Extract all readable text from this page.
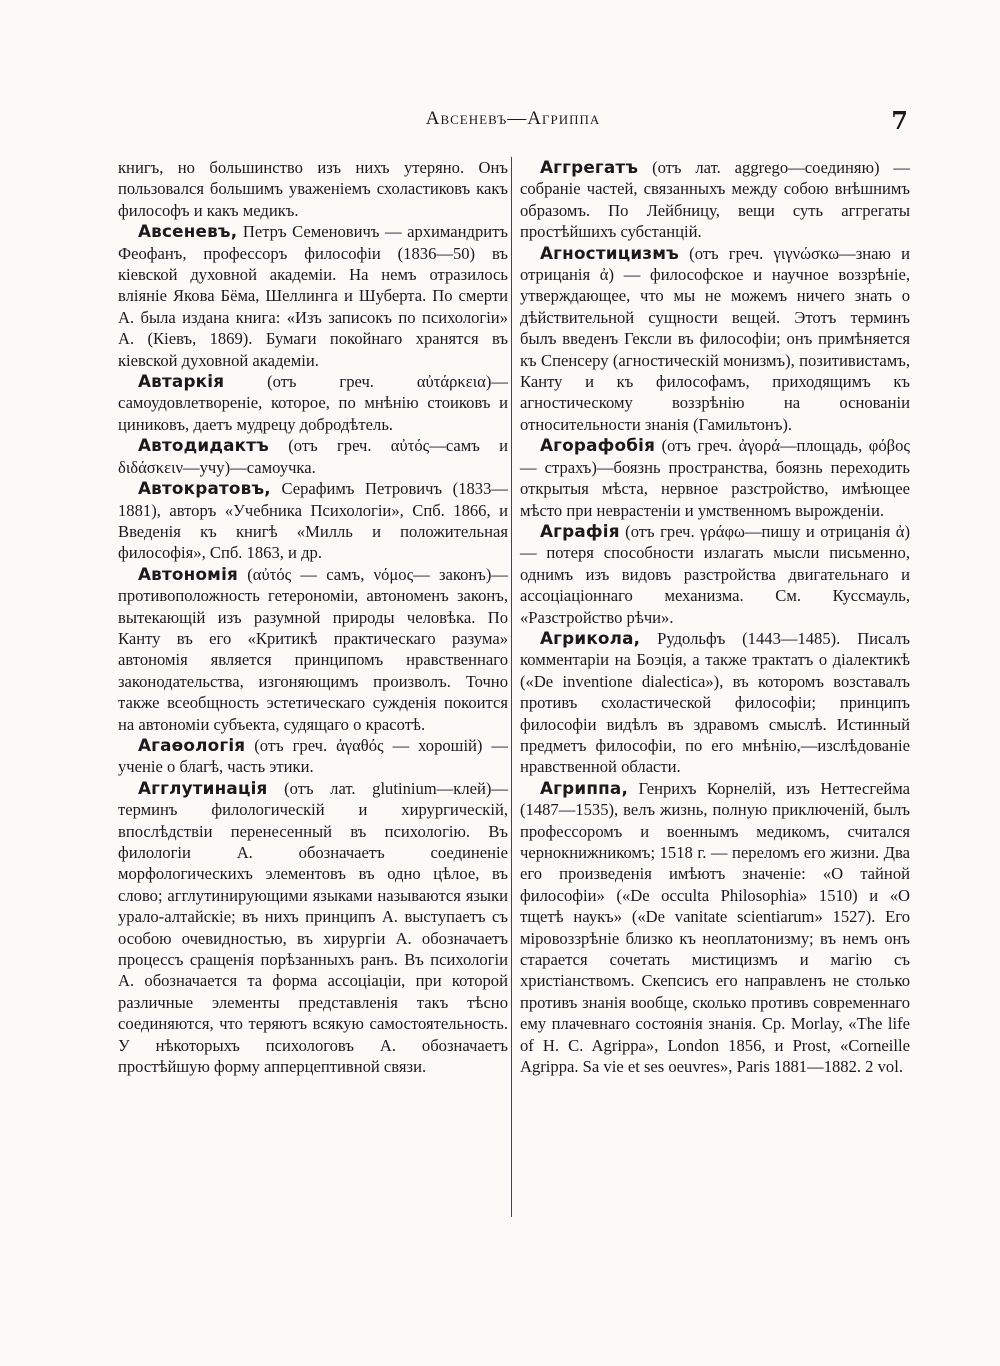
Авсеневъ—Агриппа	7

книгъ, но большинство изъ нихъ утеряно. Онъ пользовался большимъ уваженіемъ схоластиковъ какъ философъ и какъ медикъ.

Авсеневъ, Петръ Семеновичъ — архимандритъ Феофанъ, профессоръ философіи (1836—50) въ кіевской духовной академіи. На немъ отразилось вліяніе Якова Бёма, Шеллинга и Шуберта. По смерти А. была издана книга: «Изъ записокъ по психологіи» А. (Кіевъ, 1869). Бумаги покойнаго хранятся въ кіевской духовной академіи.

Автаркія	(отъ греч. αὐτάρκεια)—самоудовлетвореніе, которое, по мнѣнію стоиковъ и циниковъ, даетъ мудрецу добродѣтель.

Автодидактъ (отъ греч. αὐτός—самъ и διδάσκειν—учу)—самоучка.

Автократовъ, Серафимъ Петровичъ (1833—1881), авторъ «Учебника Психологіи», Спб. 1866, и Введенія къ книгѣ «Милль и положительная философія», Спб. 1863, и др.

Автономія (αὐτός — самъ, νόμος— законъ)—противоположность гетерономіи, автономенъ законъ, вытекающій изъ разумной природы человѣка. По Канту въ его «Критикѣ практическаго разума» автономія является принципомъ нравственнаго законодательства, изгоняющимъ произволъ. Точно также всеобщность эстетическаго сужденія покоится на автономіи субъекта, судящаго о красотѣ.

Агаѳологія (отъ греч. ἀγαθός — хорошій) — ученіе о благѣ, часть этики.

Агглутинація (отъ лат. glutinium—клей)—терминъ филологическій и хирургическій, впослѣдствіи перенесенный въ психологію. Въ филологіи А. обозначаетъ соединеніе морфологическихъ элементовъ въ одно цѣлое, въ слово; агглутинирующими языками называются языки урало-алтайскіе; въ нихъ принципъ А. выступаетъ съ особою очевидностью, въ хирургіи А. обозначаетъ процессъ сращенія порѣзанныхъ ранъ. Въ психологіи А. обозначается та форма ассоціаціи, при которой различные элементы представленія такъ тѣсно соединяются, что теряютъ всякую самостоятельность. У нѣкоторыхъ психологовъ А. обозначаетъ простѣйшую форму апперцептивной связи.

Аггрегатъ (отъ лат. aggrego—соединяю) — собраніе частей, связанныхъ между собою внѣшнимъ образомъ. По Лейбницу, вещи суть аггрегаты простѣйшихъ субстанцій.

Агностицизмъ (отъ греч. γιγνώσκω—знаю и отрицанія ἀ) — философское и научное воззрѣніе, утверждающее, что мы не можемъ ничего знать о дѣйствительной сущности вещей. Этотъ терминъ былъ введенъ Гексли въ философіи; онъ примѣняется къ Спенсеру (агностическій монизмъ), позитивистамъ, Канту и къ философамъ, приходящимъ къ агностическому воззрѣнію на основаніи относительности знанія (Гамильтонъ).

Агорафобія (отъ греч. ἀγορά—площадь, φόβος — страхъ)—боязнь пространства, боязнь переходить открытыя мѣста, нервное разстройство, имѣющее мѣсто при неврастеніи и умственномъ вырожденіи.

Аграфія (отъ греч. γράφω—пишу и отрицанія ἀ) — потеря способности излагать мысли письменно, однимъ изъ видовъ разстройства двигательнаго и ассоціаціоннаго механизма. См. Куссмауль, «Разстройство рѣчи».

Агрикола, Рудольфъ (1443—1485). Писалъ комментаріи на Боэція, а также трактатъ о діалектикѣ («De inventione dialectica»), въ которомъ возставалъ противъ схоластической философіи; принципъ философіи видѣлъ въ здравомъ смыслѣ. Истинный предметъ философіи, по его мнѣнію,—изслѣдованіе нравственной области.

Агриппа, Генрихъ Корнелій, изъ Неттесгейма (1487—1535), велъ жизнь, полную приключеній, былъ профессоромъ и военнымъ медикомъ, считался чернокнижникомъ; 1518 г. — переломъ его жизни. Два его произведенія имѣютъ значеніе: «О тайной философіи» («De occulta Philosophia» 1510) и «О тщетѣ наукъ» («De vanitate scientiarum» 1527). Его міровоззрѣніе близко къ неоплатонизму; въ немъ онъ старается сочетать мистицизмъ и магію съ христіанствомъ. Скепсисъ его направленъ не столько противъ знанія вообще, сколько противъ современнаго ему плачевнаго состоянія знанія. Ср. Morlay, «The life of H. C. Agrippa», London 1856, и Prost, «Corneille Agrippa. Sa vie et ses oeuvres», Paris 1881—1882. 2 vol.
